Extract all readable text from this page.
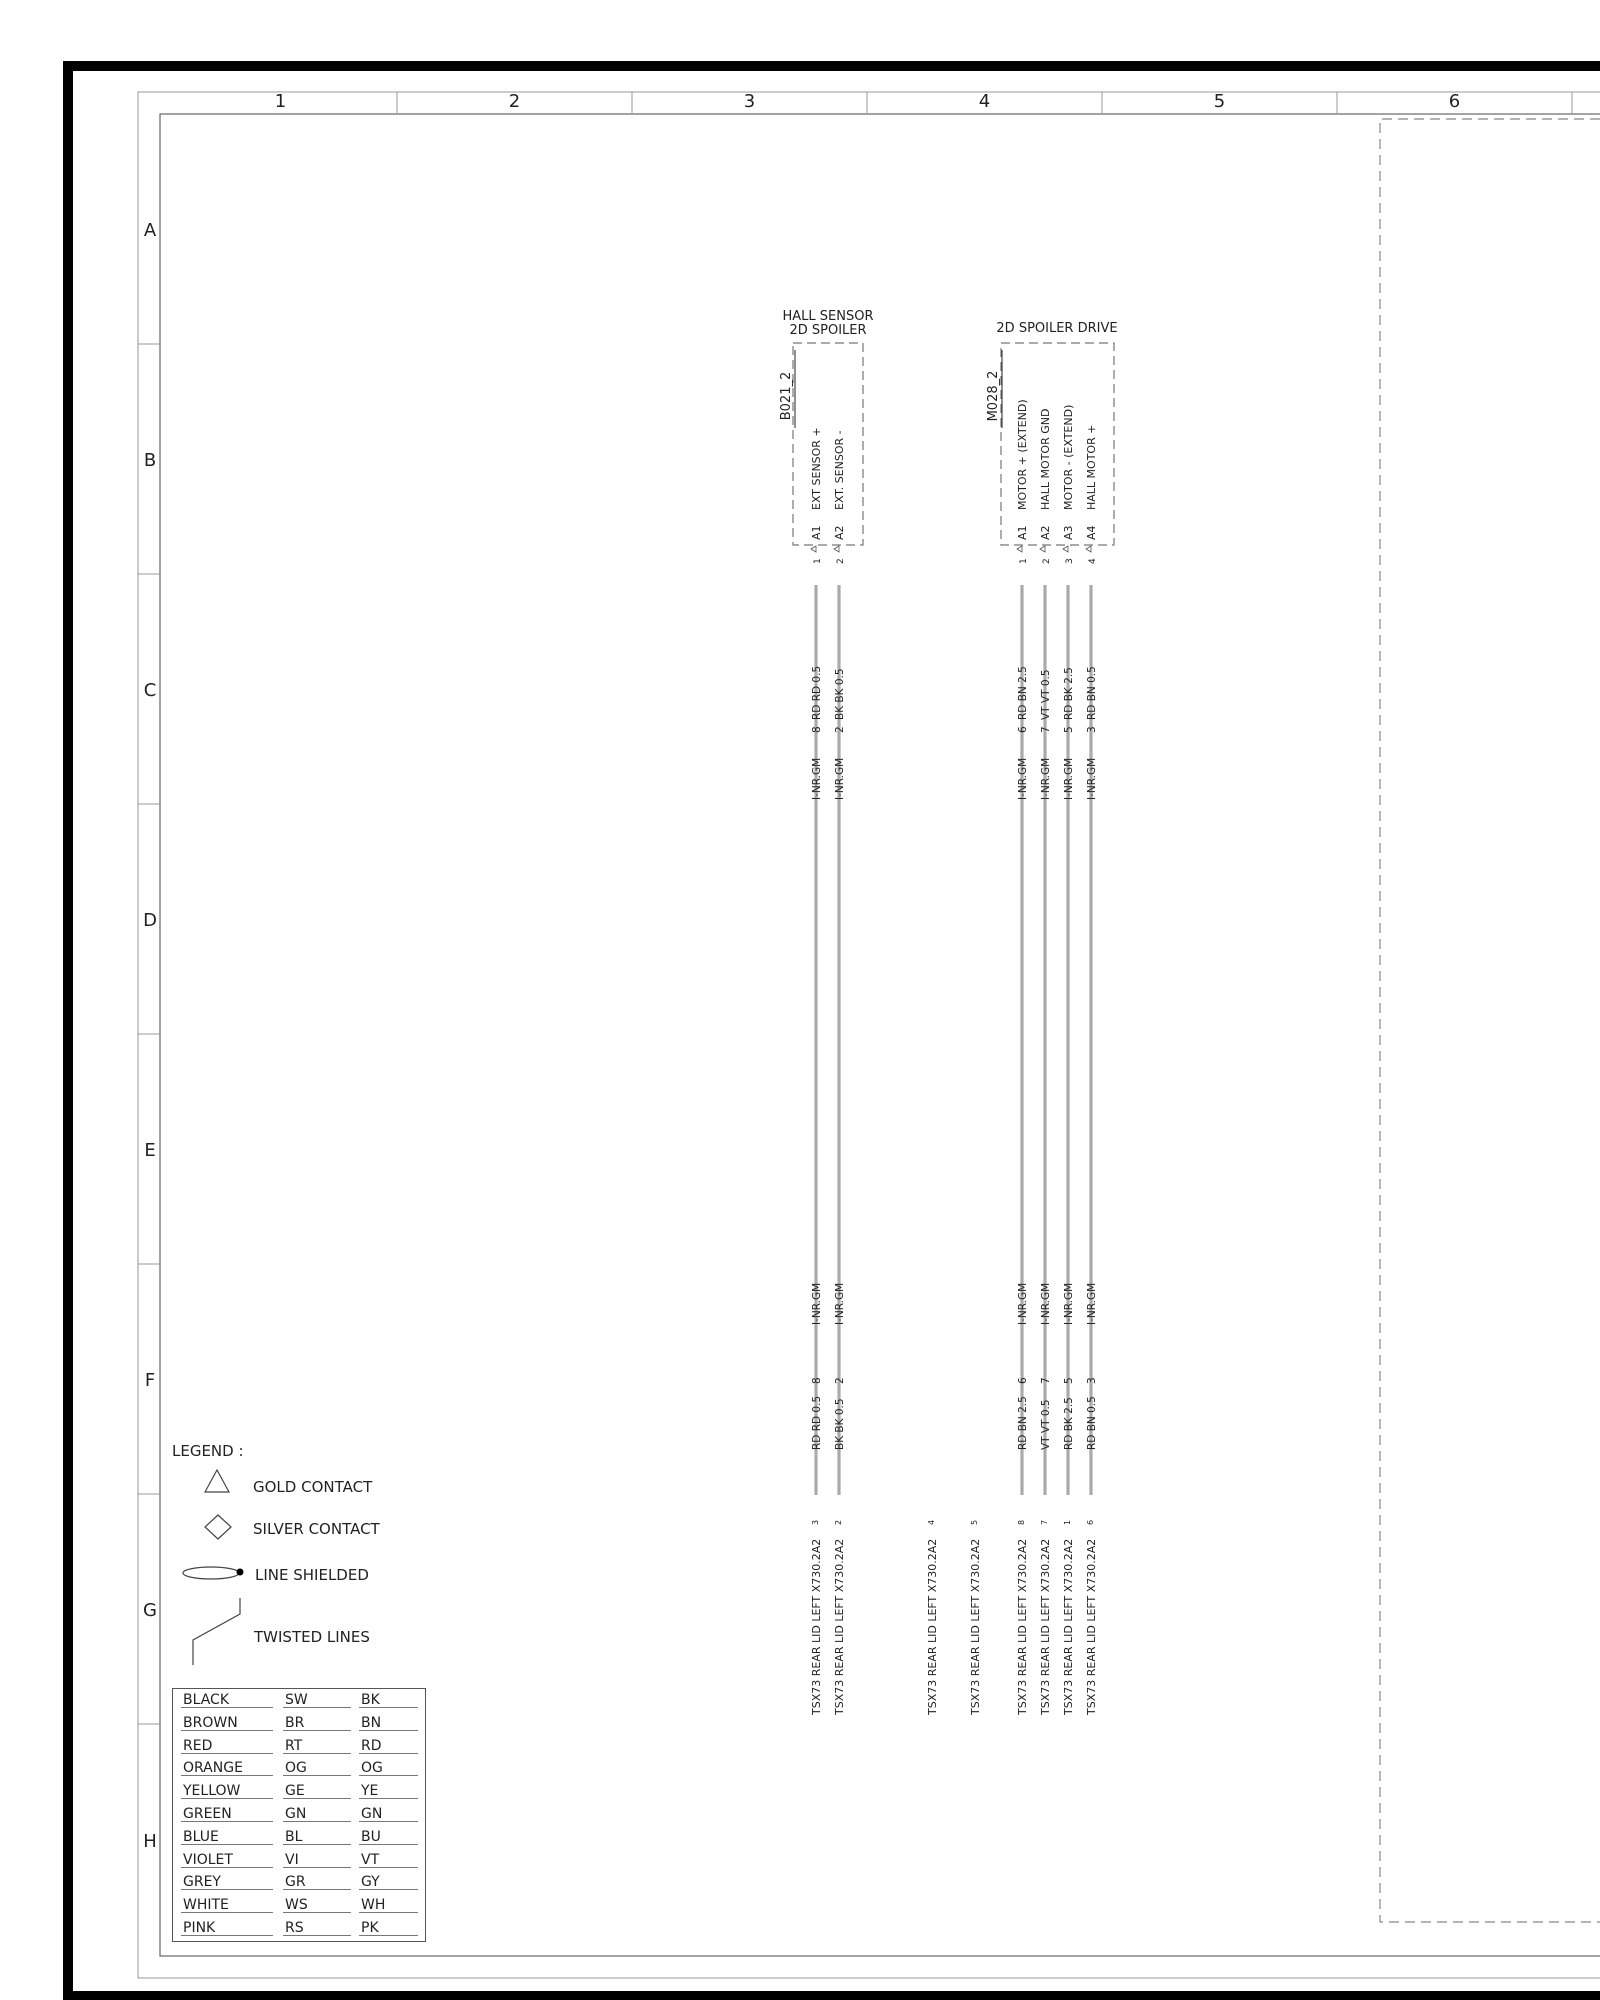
1	2	3	4	5	6
A
B
C
D
E
F
G
H
HALL SENSOR
2D SPOILER
B021_2
EXT SENSOR +
A1
1
EXT. SENSOR -
A2
2
2D SPOILER DRIVE
M028_2
MOTOR + (EXTEND)
A1
1
HALL MOTOR GND
A2
2
MOTOR - (EXTEND)
A3
3
HALL MOTOR +
A4
4
RD RD 0.5
8
I-NR.GM
I-NR.GM
8
RD RD 0.5
BK BK 0.5
2
I-NR.GM
I-NR.GM
2
BK BK 0.5
RD BN 2.5
6
I-NR.GM
I-NR.GM
6
RD BN 2.5
VT VT 0.5
7
I-NR.GM
I-NR.GM
7
VT VT 0.5
RD BK 2.5
5
I-NR.GM
I-NR.GM
5
RD BK 2.5
RD BN 0.5
3
I-NR.GM
I-NR.GM
3
RD BN 0.5
TSX73 REAR LID LEFT X730.2A2
3
TSX73 REAR LID LEFT X730.2A2
2
TSX73 REAR LID LEFT X730.2A2
4
TSX73 REAR LID LEFT X730.2A2
5
TSX73 REAR LID LEFT X730.2A2
8
TSX73 REAR LID LEFT X730.2A2
7
TSX73 REAR LID LEFT X730.2A2
1
TSX73 REAR LID LEFT X730.2A2
6
LEGEND :
GOLD CONTACT
SILVER CONTACT
LINE SHIELDED
TWISTED LINES
BLACK	SW	BK
BROWN	BR	BN
RED	RT	RD
ORANGE	OG	OG
YELLOW	GE	YE
GREEN	GN	GN
BLUE	BL	BU
VIOLET	VI	VT
GREY	GR	GY
WHITE	WS	WH
PINK	RS	PK
